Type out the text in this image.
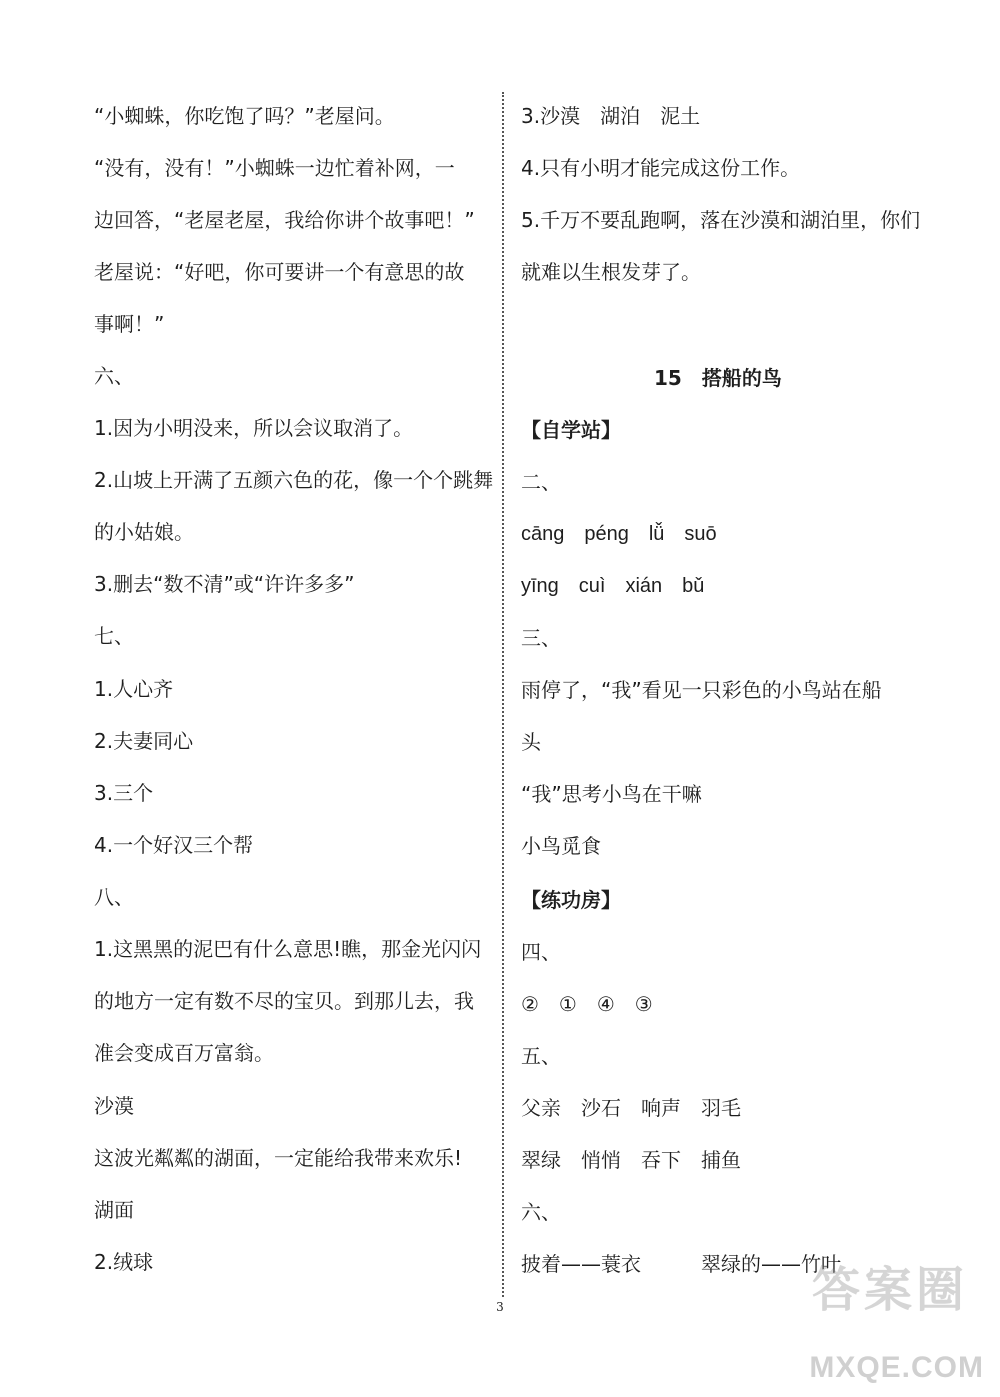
“小蜘蛛，你吃饱了吗？”老屋问。
“没有，没有！”小蜘蛛一边忙着补网，一
边回答，“老屋老屋，我给你讲个故事吧！”
老屋说：“好吧，你可要讲一个有意思的故
事啊！”
六、
1.因为小明没来，所以会议取消了。
2.山坡上开满了五颜六色的花，像一个个跳舞
的小姑娘。
3.删去“数不清”或“许许多多”
七、
1.人心齐
2.夫妻同心
3.三个
4.一个好汉三个帮
八、
1.这黑黑的泥巴有什么意思!瞧，那金光闪闪
的地方一定有数不尽的宝贝。到那儿去，我
准会变成百万富翁。
沙漠
这波光粼粼的湖面，一定能给我带来欢乐!
湖面
2.绒球
3.沙漠　湖泊　泥土
4.只有小明才能完成这份工作。
5.千万不要乱跑啊，落在沙漠和湖泊里，你们
就难以生根发芽了。
15　搭船的鸟
【自学站】
二、
cāng　péng　lǚ　suō
yīng　cuì　xián　bǔ
三、
雨停了，“我”看见一只彩色的小鸟站在船
头
“我”思考小鸟在干嘛
小鸟觅食
【练功房】
四、
②　①　④　③
五、
父亲　沙石　响声　羽毛
翠绿　悄悄　吞下　捕鱼
六、
披着——蓑衣　　　翠绿的——竹叶
3	答案圈
MXQE.COM
